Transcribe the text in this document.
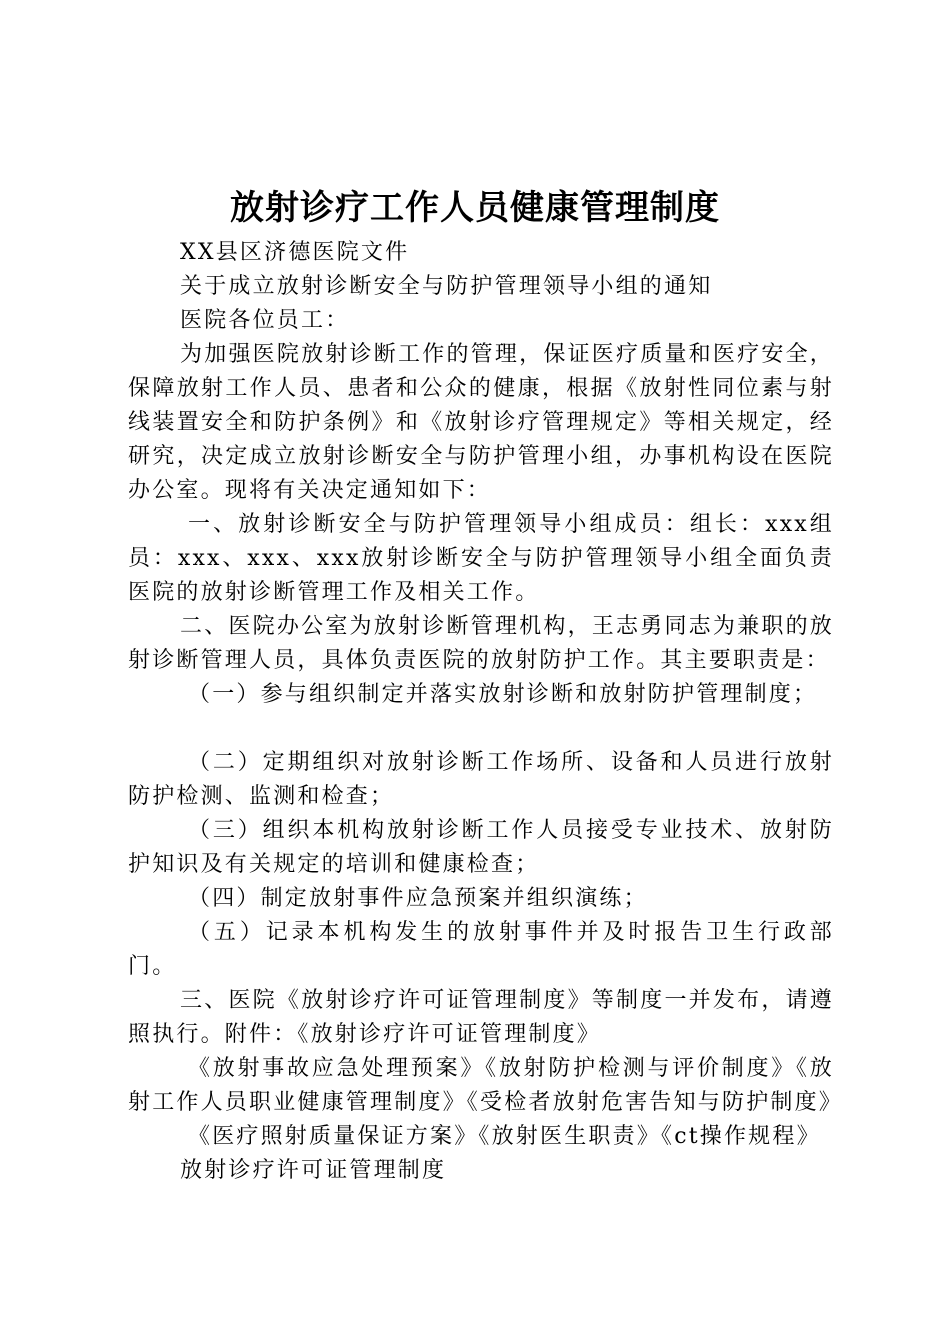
放射诊疗工作人员健康管理制度

XX县区济德医院文件

关于成立放射诊断安全与防护管理领导小组的通知

医院各位员工：

为加强医院放射诊断工作的管理，保证医疗质量和医疗安全，保障放射工作人员、患者和公众的健康，根据《放射性同位素与射线装置安全和防护条例》和《放射诊疗管理规定》等相关规定，经研究，决定成立放射诊断安全与防护管理小组，办事机构设在医院办公室。现将有关决定通知如下：

一、放射诊断安全与防护管理领导小组成员：组长：xxx组员：xxx、xxx、xxx放射诊断安全与防护管理领导小组全面负责医院的放射诊断管理工作及相关工作。

二、医院办公室为放射诊断管理机构，王志勇同志为兼职的放射诊断管理人员，具体负责医院的放射防护工作。其主要职责是：

（一）参与组织制定并落实放射诊断和放射防护管理制度；

（二）定期组织对放射诊断工作场所、设备和人员进行放射防护检测、监测和检查；

（三）组织本机构放射诊断工作人员接受专业技术、放射防护知识及有关规定的培训和健康检查；

（四）制定放射事件应急预案并组织演练；

（五）记录本机构发生的放射事件并及时报告卫生行政部门。

三、医院《放射诊疗许可证管理制度》等制度一并发布，请遵照执行。附件：《放射诊疗许可证管理制度》

《放射事故应急处理预案》《放射防护检测与评价制度》《放射工作人员职业健康管理制度》《受检者放射危害告知与防护制度》

《医疗照射质量保证方案》《放射医生职责》《ct操作规程》

放射诊疗许可证管理制度
